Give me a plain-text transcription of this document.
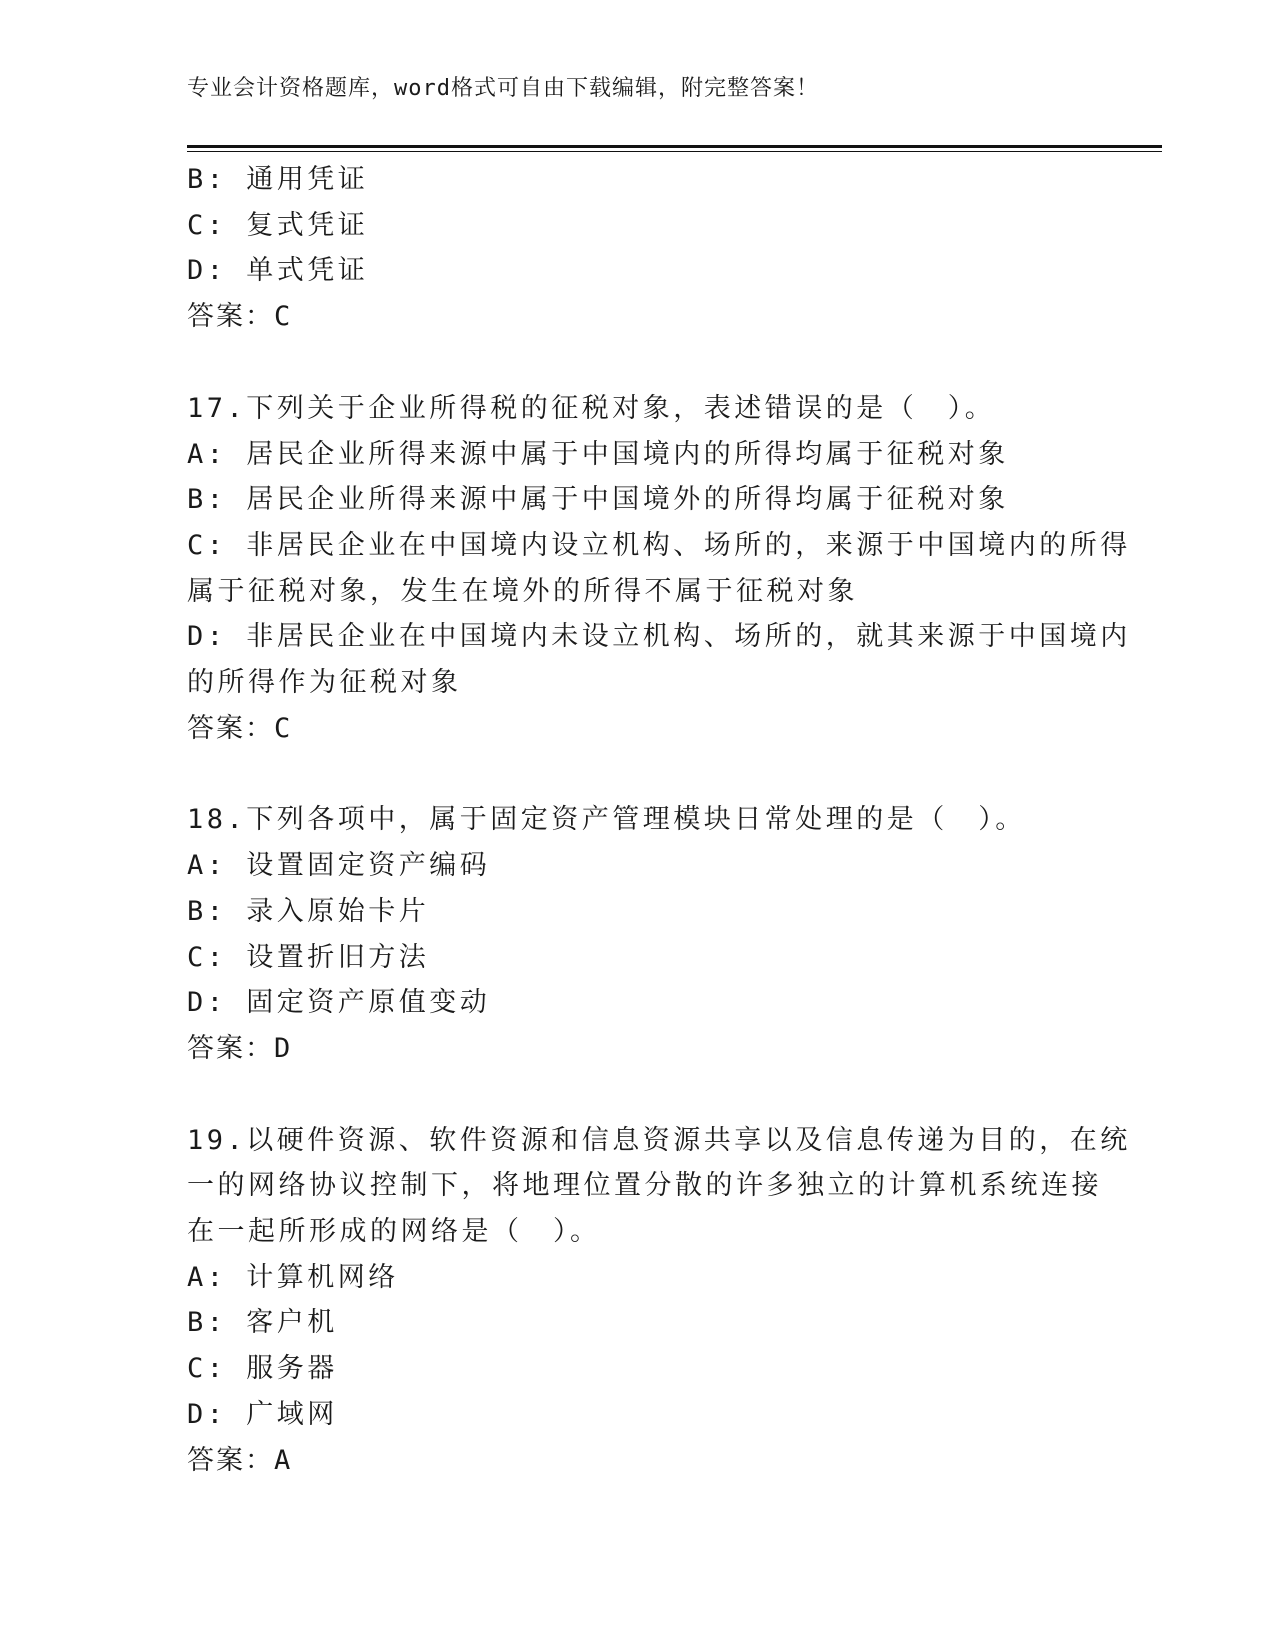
专业会计资格题库，word格式可自由下载编辑，附完整答案！
B: 通用凭证
C: 复式凭证
D: 单式凭证
答案：C
17.下列关于企业所得税的征税对象，表述错误的是（　）。
A: 居民企业所得来源中属于中国境内的所得均属于征税对象
B: 居民企业所得来源中属于中国境外的所得均属于征税对象
C: 非居民企业在中国境内设立机构、场所的，来源于中国境内的所得
属于征税对象，发生在境外的所得不属于征税对象
D: 非居民企业在中国境内未设立机构、场所的，就其来源于中国境内
的所得作为征税对象
答案：C
18.下列各项中，属于固定资产管理模块日常处理的是（　）。
A: 设置固定资产编码
B: 录入原始卡片
C: 设置折旧方法
D: 固定资产原值变动
答案：D
19.以硬件资源、软件资源和信息资源共享以及信息传递为目的，在统
一的网络协议控制下，将地理位置分散的许多独立的计算机系统连接
在一起所形成的网络是（　）。
A: 计算机网络
B: 客户机
C: 服务器
D: 广域网
答案：A
